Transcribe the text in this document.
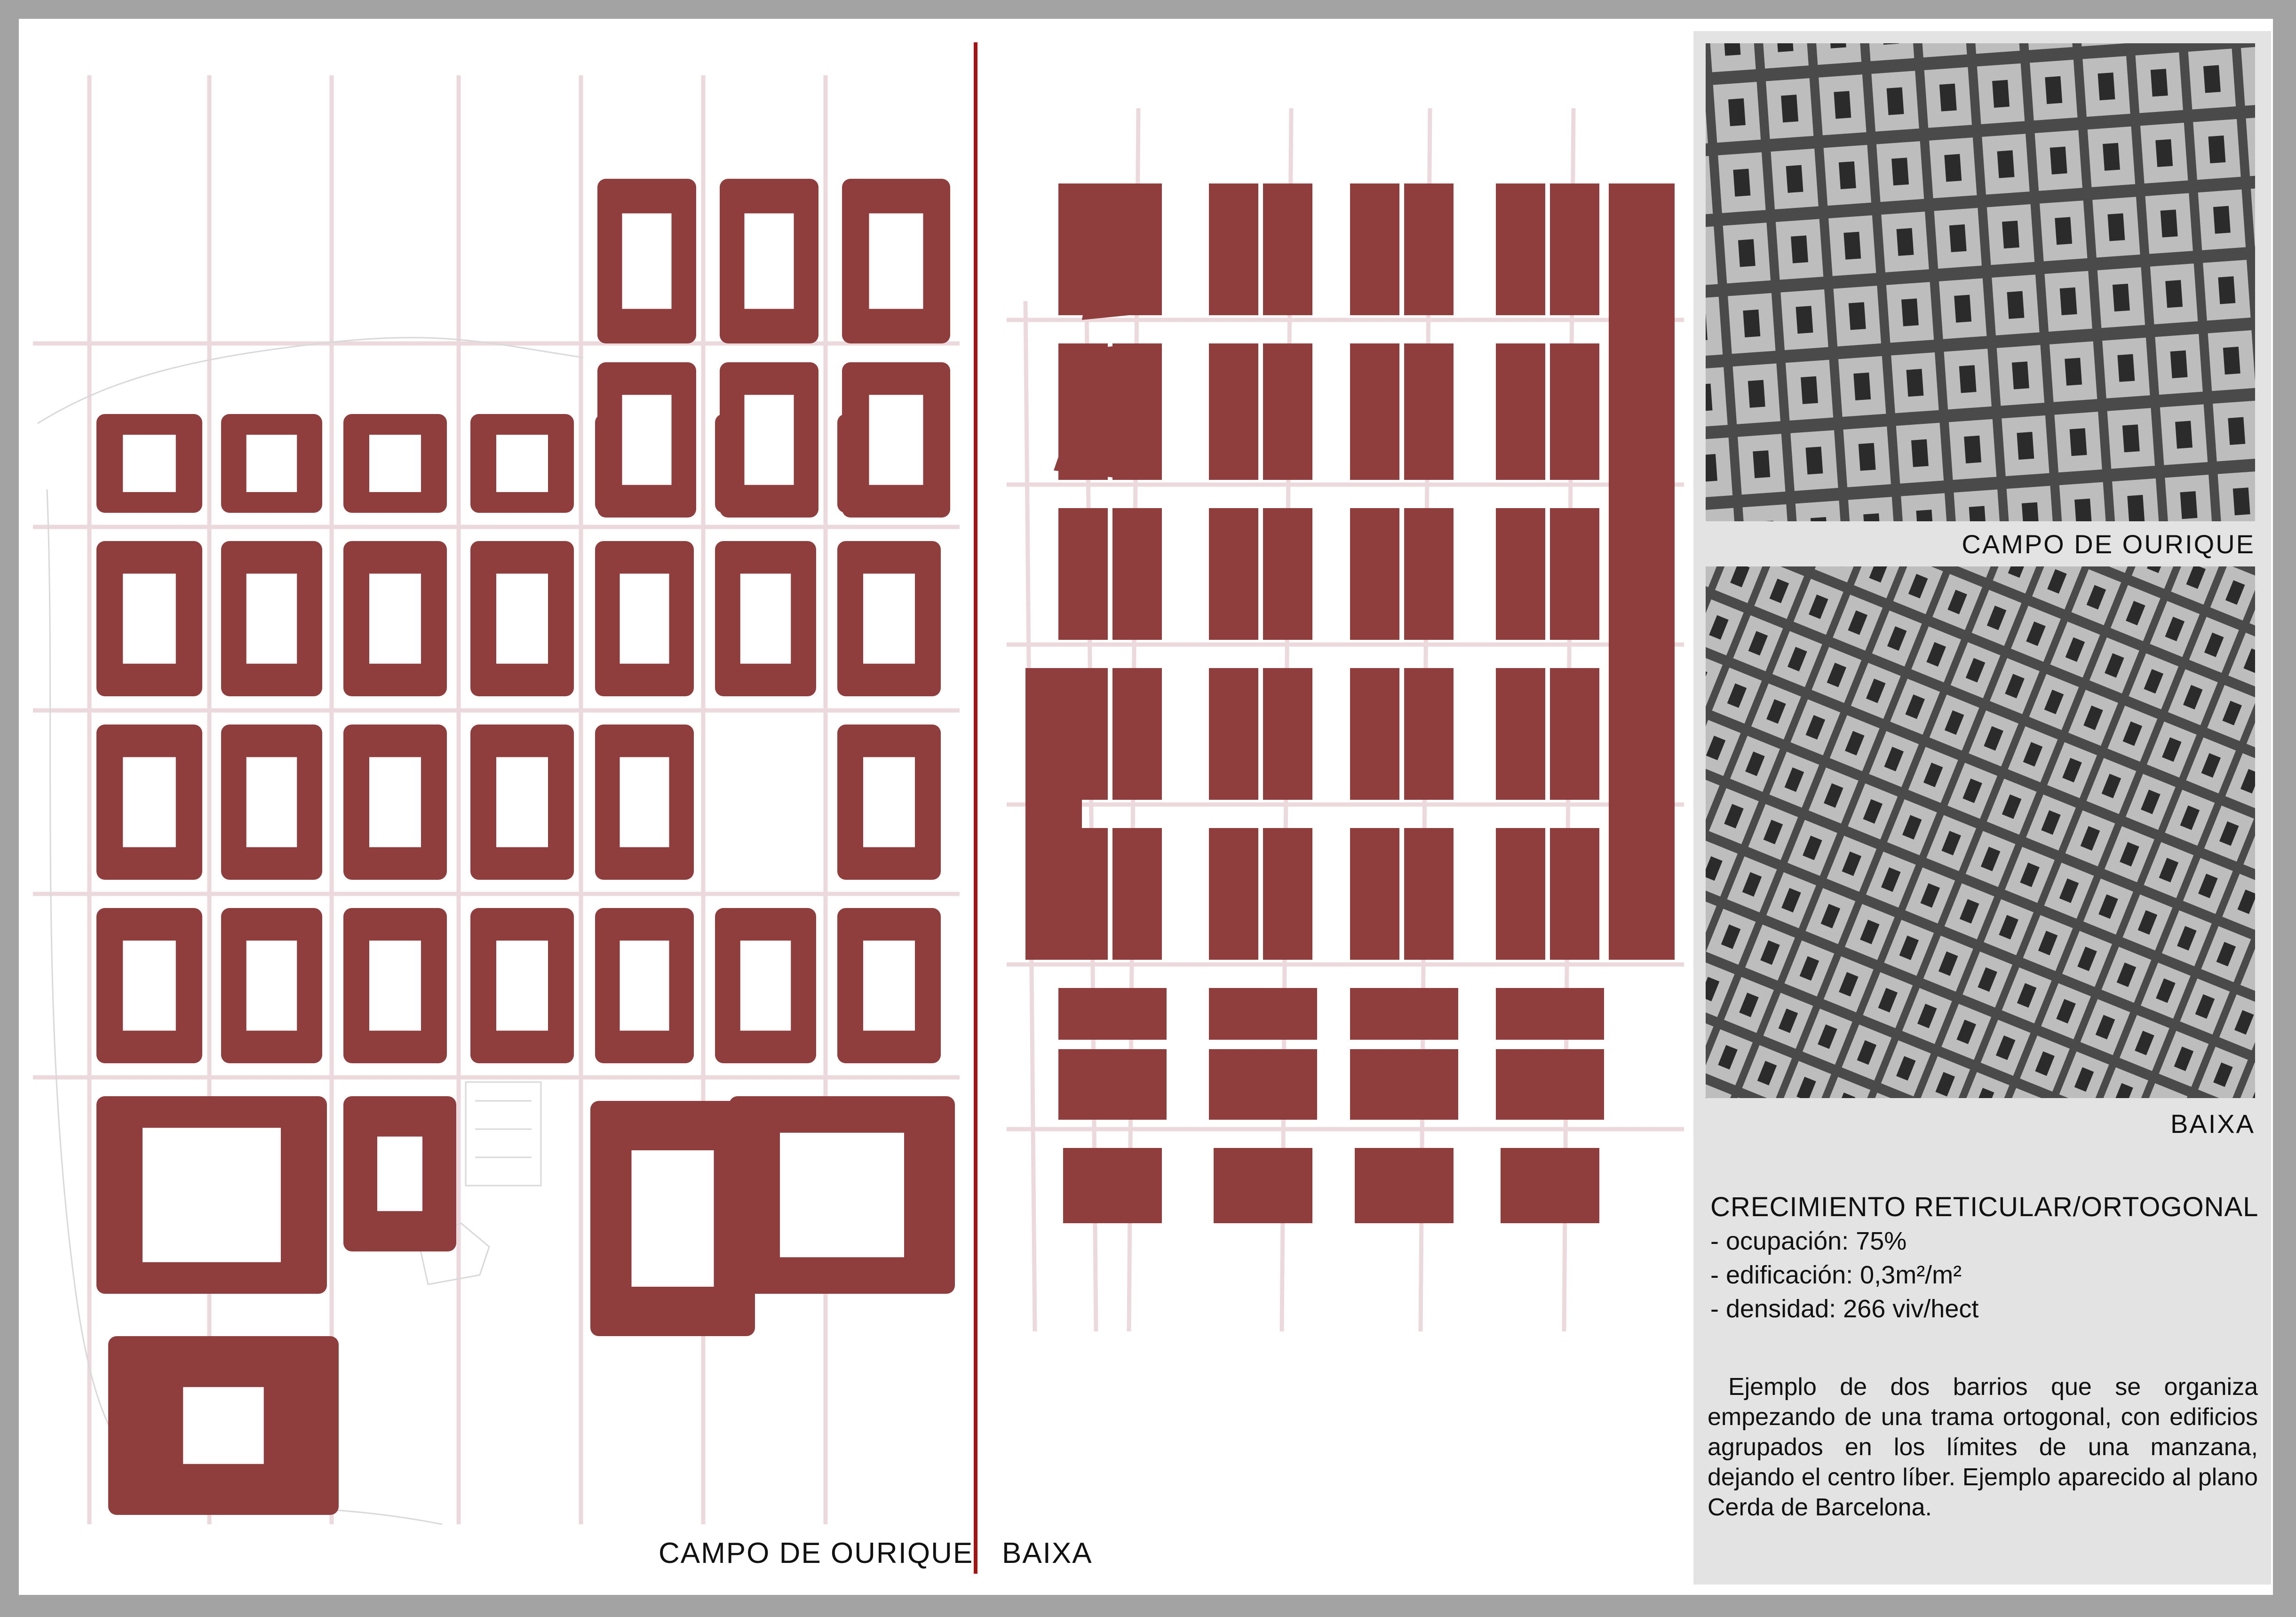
CAMPO DE OURIQUE BAIXA
CAMPO DE OURIQUE
BAIXA
CRECIMIENTO RETICULAR/ORTOGONAL
- ocupación: 75%
- edificación: 0,3m²/m²
- densidad: 266 viv/hect
Ejemplo de dos barrios que se organiza empezando de una trama ortogonal, con edificios agrupados en los límites de una manzana, dejando el centro líber. Ejemplo aparecido al plano Cerda de Barcelona.
